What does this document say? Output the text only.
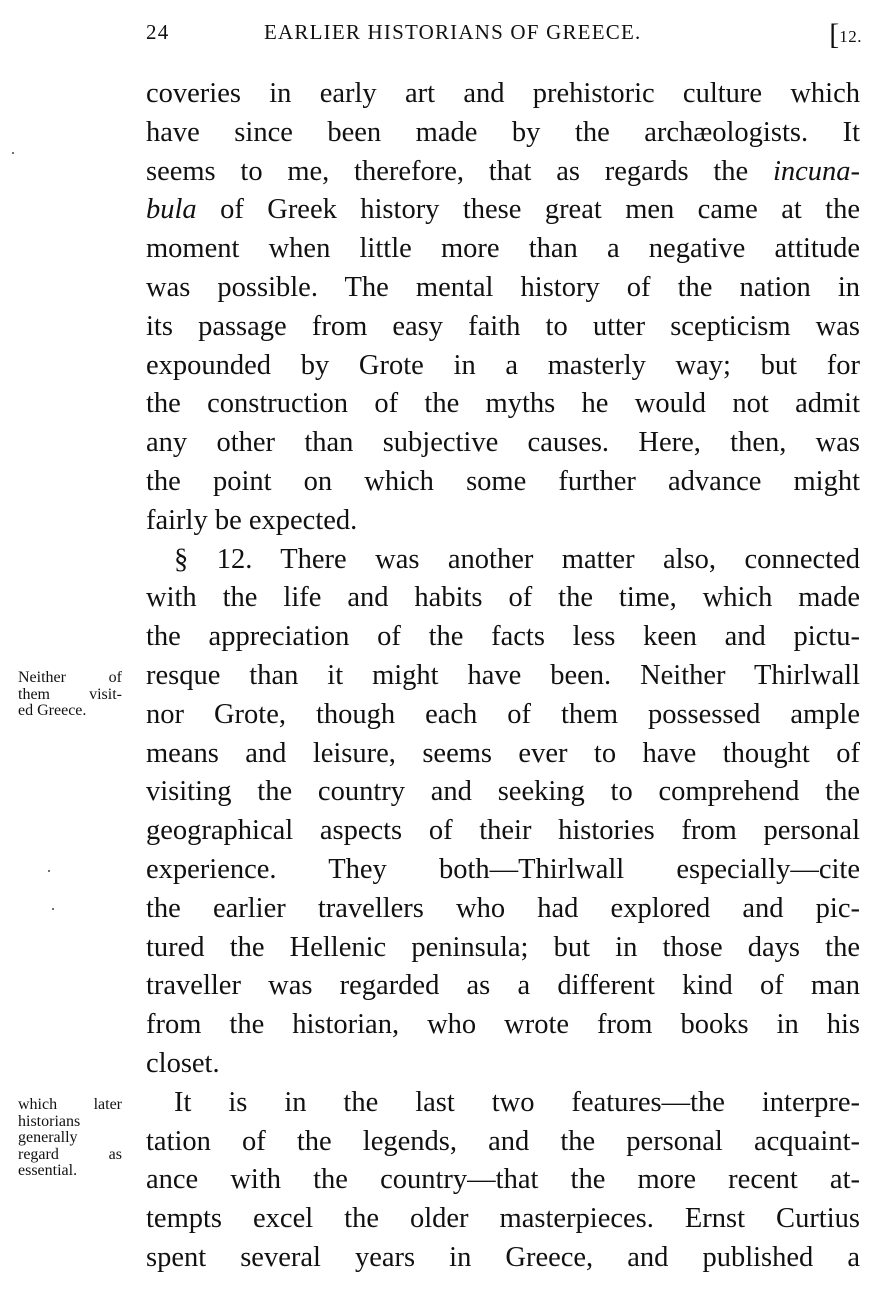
24	EARLIER HISTORIANS OF GREECE.	[12.
coveries in early art and prehistoric culture which
have since been made by the archæologists. It
seems to me, therefore, that as regards the incuna-
bula of Greek history these great men came at the
moment when little more than a negative attitude
was possible. The mental history of the nation in
its passage from easy faith to utter scepticism was
expounded by Grote in a masterly way; but for
the construction of the myths he would not admit
any other than subjective causes. Here, then, was
the point on which some further advance might
fairly be expected.
§ 12. There was another matter also, connected
with the life and habits of the time, which made
the appreciation of the facts less keen and pictu-
resque than it might have been. Neither Thirlwall
nor Grote, though each of them possessed ample
means and leisure, seems ever to have thought of
visiting the country and seeking to comprehend the
geographical aspects of their histories from personal
experience. They both—Thirlwall especially—cite
the earlier travellers who had explored and pic-
tured the Hellenic peninsula; but in those days the
traveller was regarded as a different kind of man
from the historian, who wrote from books in his
closet.
It is in the last two features—the interpre-
tation of the legends, and the personal acquaint-
ance with the country—that the more recent at-
tempts excel the older masterpieces. Ernst Curtius
spent several years in Greece, and published a
Neither of
them visit-
ed Greece.
which later
historians
generally
regard as
essential.
